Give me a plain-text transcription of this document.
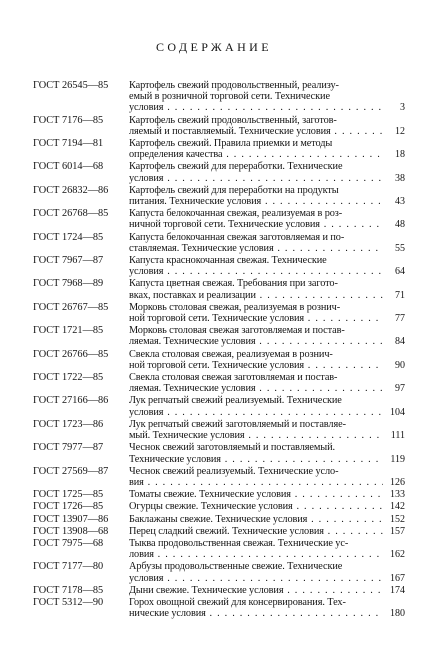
СОДЕРЖАНИЕ
ГОСТ 26545—85	Картофель свежий продовольственный, реализу-
емый в розничной торговой сети. Технические
условия . . .	3
ГОСТ 7176—85	Картофель свежий продовольственный, заготов-
ляемый и поставляемый. Технические условия . . .	12
ГОСТ 7194—81	Картофель свежий. Правила приемки и методы
определения качества . . .	18
ГОСТ 6014—68	Картофель свежий для переработки. Технические
условия . . .	38
ГОСТ 26832—86	Картофель свежий для переработки на продукты
питания. Технические условия . . .	43
ГОСТ 26768—85	Капуста белокочанная свежая, реализуемая в роз-
ничной торговой сети. Технические условия . . .	48
ГОСТ 1724—85	Капуста белокочанная свежая заготовляемая и по-
ставляемая. Технические условия . . .	55
ГОСТ 7967—87	Капуста краснокочанная свежая. Технические
условия . . .	64
ГОСТ 7968—89	Капуста цветная свежая. Требования при загото-
вках, поставках и реализации . . .	71
ГОСТ 26767—85	Морковь столовая свежая, реализуемая в рознич-
ной торговой сети. Технические условия . . .	77
ГОСТ 1721—85	Морковь столовая свежая заготовляемая и постав-
ляемая. Технические условия . . .	84
ГОСТ 26766—85	Свекла столовая свежая, реализуемая в рознич-
ной торговой сети. Технические условия . . .	90
ГОСТ 1722—85	Свекла столовая свежая заготовляемая и постав-
ляемая. Технические условия . . .	97
ГОСТ 27166—86	Лук репчатый свежий реализуемый. Технические
условия . . .	104
ГОСТ 1723—86	Лук репчатый свежий заготовляемый и поставляе-
мый. Технические условия . . .	111
ГОСТ 7977—87	Чеснок свежий заготовляемый и поставляемый.
Технические условия . . .	119
ГОСТ 27569—87	Чеснок свежий реализуемый. Технические усло-
вия . . .	126
ГОСТ 1725—85	Томаты свежие. Технические условия . . .	133
ГОСТ 1726—85	Огурцы свежие. Технические условия . . .	142
ГОСТ 13907—86	Баклажаны свежие. Технические условия . . .	152
ГОСТ 13908—68	Перец сладкий свежий. Технические условия . . .	157
ГОСТ 7975—68	Тыква продовольственная свежая. Технические ус-
ловия . . .	162
ГОСТ 7177—80	Арбузы продовольственные свежие. Технические
условия . . .	167
ГОСТ 7178—85	Дыни свежие. Технические условия . . .	174
ГОСТ 5312—90	Горох овощной свежий для консервирования. Тех-
нические условия . . .	180
